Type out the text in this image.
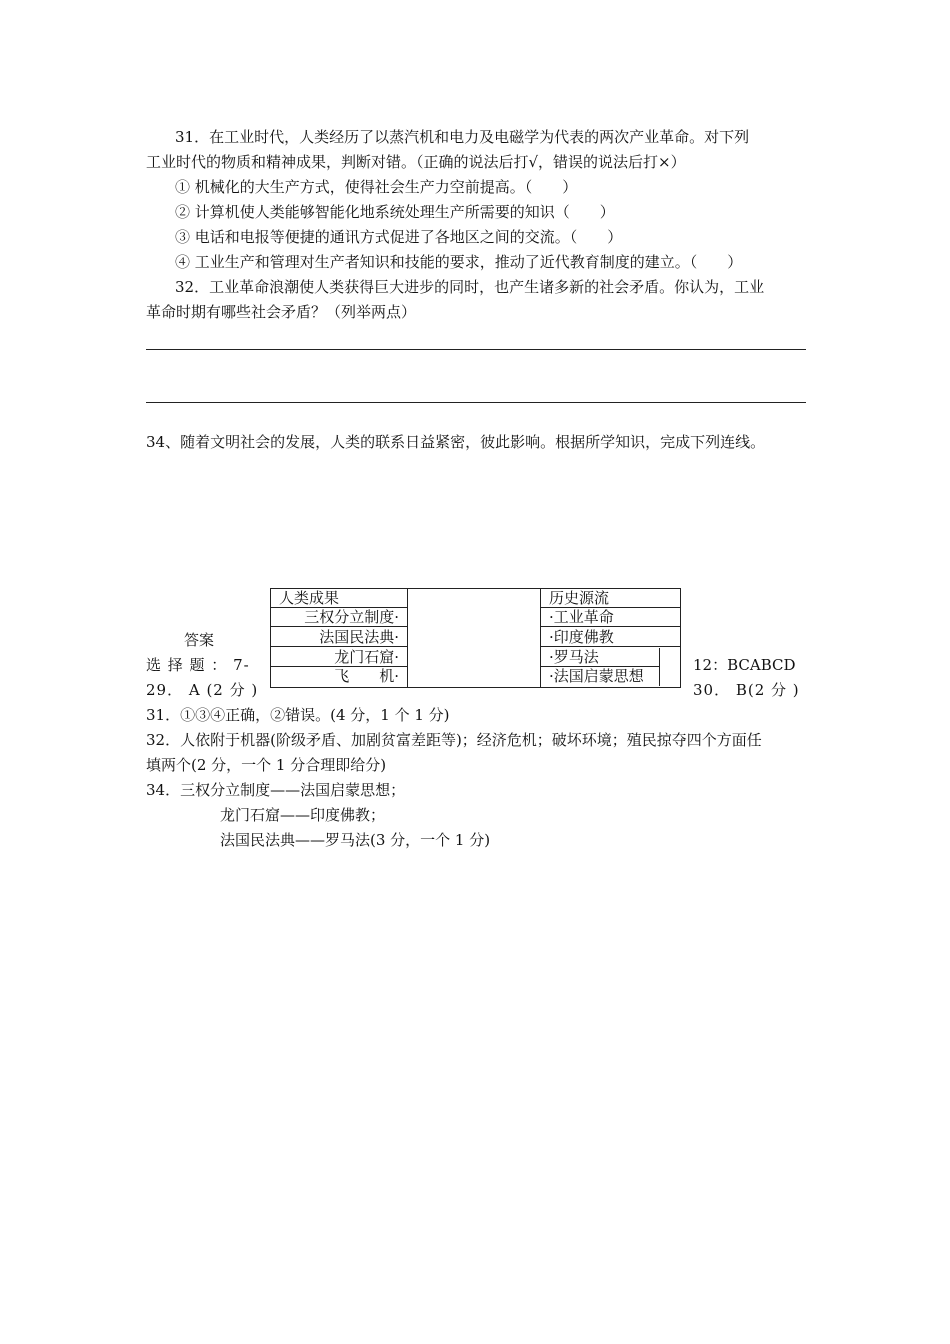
31．在工业时代，人类经历了以蒸汽机和电力及电磁学为代表的两次产业革命。对下列
工业时代的物质和精神成果，判断对错。（正确的说法后打√，错误的说法后打×）
① 机械化的大生产方式，使得社会生产力空前提高。（　　）
② 计算机使人类能够智能化地系统处理生产所需要的知识（　　）
③ 电话和电报等便捷的通讯方式促进了各地区之间的交流。（　　）
④ 工业生产和管理对生产者知识和技能的要求，推动了近代教育制度的建立。（　　）
32．工业革命浪潮使人类获得巨大进步的同时，也产生诸多新的社会矛盾。你认为，工业
革命时期有哪些社会矛盾？（列举两点）
34、随着文明社会的发展，人类的联系日益紧密，彼此影响。根据所学知识，完成下列连线。
人类成果
三权分立制度·
法国民法典·
龙门石窟·
飞　　机·
历史源流
·工业革命
·印度佛教
·罗马法
·法国启蒙思想
答案
选 择 题 ： 7-	12：BCABCD
29． A (2 分 )	30． B(2 分 )
31．①③④正确，②错误。(4 分，1 个 1 分)
32．人依附于机器(阶级矛盾、加剧贫富差距等)；经济危机；破坏环境；殖民掠夺四个方面任
填两个(2 分，一个 1 分合理即给分)
34．三权分立制度——法国启蒙思想；
龙门石窟——印度佛教；
法国民法典——罗马法(3 分，一个 1 分)
